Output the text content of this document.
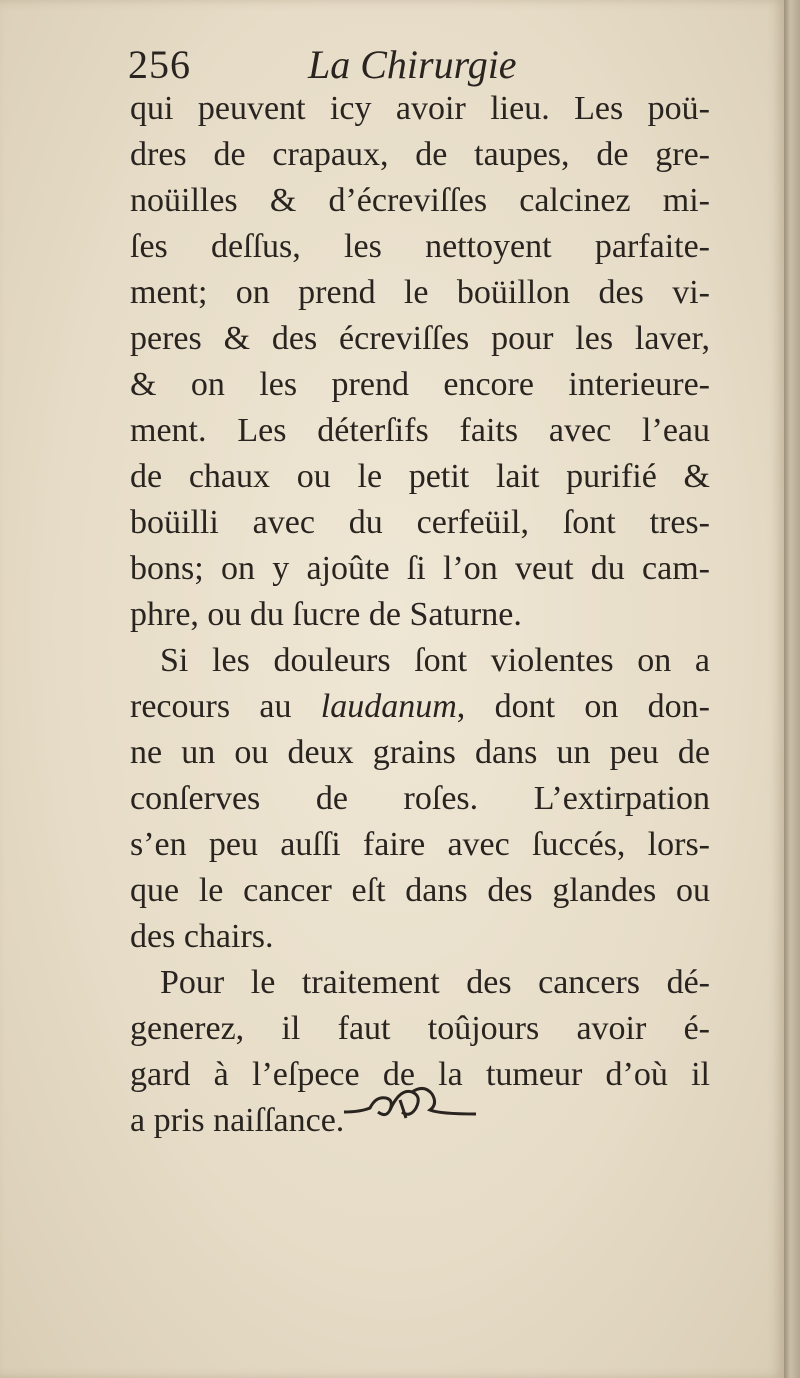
256	La Chirurgie
qui peuvent icy avoir lieu. Les poü-
dres de crapaux, de taupes, de gre-
noüilles & d’écreviſſes calcinez mi-
ſes deſſus, les nettoyent parfaite-
ment; on prend le boüillon des vi-
peres & des écreviſſes pour les laver,
& on les prend encore interieure-
ment. Les déterſifs faits avec l’eau
de chaux ou le petit lait purifié &
boüilli avec du cerfeüil, ſont tres-
bons; on y ajoûte ſi l’on veut du cam-
phre, ou du ſucre de Saturne.
Si les douleurs ſont violentes on a
recours au laudanum, dont on don-
ne un ou deux grains dans un peu de
conſerves de roſes. L’extirpation
s’en peu auſſi faire avec ſuccés, lors-
que le cancer eſt dans des glandes ou
des chairs.
Pour le traitement des cancers dé-
generez, il faut toûjours avoir é-
gard à l’eſpece de la tumeur d’où il
a pris naiſſance.
